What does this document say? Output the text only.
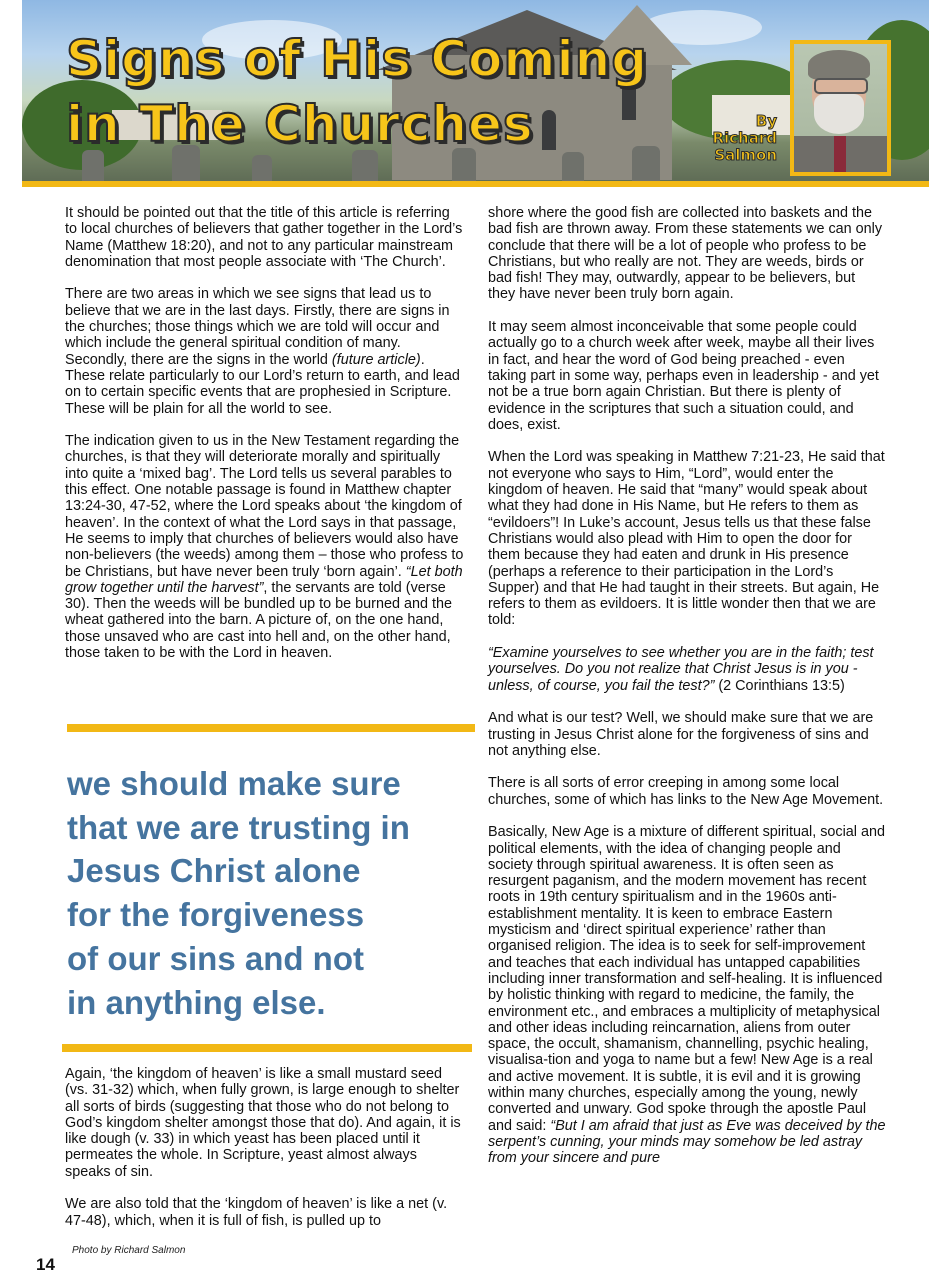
Signs of His Coming
in The Churches	By
Richard
Salmon

It should be pointed out that the title of this article is referring to local churches of believers that gather together in the Lord’s Name (Matthew 18:20), and not to any particular mainstream denomination that most people associate with ‘The Church’.

There are two areas in which we see signs that lead us to believe that we are in the last days. Firstly, there are signs in the churches; those things which we are told will occur and which include the general spiritual condition of many. Secondly, there are the signs in the world (future article). These relate particularly to our Lord’s return to earth, and lead on to certain specific events that are prophesied in Scripture. These will be plain for all the world to see.

The indication given to us in the New Testament regarding the churches, is that they will deteriorate morally and spiritually into quite a ‘mixed bag’. The Lord tells us several parables to this effect. One notable passage is found in Matthew chapter 13:24-30, 47-52, where the Lord speaks about ‘the kingdom of heaven’. In the context of what the Lord says in that passage, He seems to imply that churches of believers would also have non-believers (the weeds) among them – those who profess to be Christians, but have never been truly ‘born again’. “Let both grow together until the harvest”, the servants are told (verse 30). Then the weeds will be bundled up to be burned and the wheat gathered into the barn. A picture of, on the one hand, those unsaved who are cast into hell and, on the other hand, those taken to be with the Lord in heaven.

we should make sure
that we are trusting in
Jesus Christ alone
for the forgiveness
of our sins and not
in anything else.

Again, ‘the kingdom of heaven’ is like a small mustard seed (vs. 31-32) which, when fully grown, is large enough to shelter all sorts of birds (suggesting that those who do not belong to God’s kingdom shelter amongst those that do). And again, it is like dough (v. 33) in which yeast has been placed until it permeates the whole. In Scripture, yeast almost always speaks of sin.

We are also told that the ‘kingdom of heaven’ is like a net (v. 47-48), which, when it is full of fish, is pulled up to

shore where the good fish are collected into baskets and the bad fish are thrown away. From these statements we can only conclude that there will be a lot of people who profess to be Christians, but who really are not. They are weeds, birds or bad fish! They may, outwardly, appear to be believers, but they have never been truly born again.

It may seem almost inconceivable that some people could actually go to a church week after week, maybe all their lives in fact, and hear the word of God being preached - even taking part in some way, perhaps even in leadership - and yet not be a true born again Christian. But there is plenty of evidence in the scriptures that such a situation could, and does, exist.

When the Lord was speaking in Matthew 7:21-23, He said that not everyone who says to Him, “Lord”, would enter the kingdom of heaven. He said that “many” would speak about what they had done in His Name, but He refers to them as “evildoers”! In Luke’s account, Jesus tells us that these false Christians would also plead with Him to open the door for them because they had eaten and drunk in His presence (perhaps a reference to their participation in the Lord’s Supper) and that He had taught in their streets. But again, He refers to them as evildoers. It is little wonder then that we are told:

“Examine yourselves to see whether you are in the faith; test yourselves. Do you not realize that Christ Jesus is in you - unless, of course, you fail the test?” (2 Corinthians 13:5)

And what is our test? Well, we should make sure that we are trusting in Jesus Christ alone for the forgiveness of sins and not anything else.

There is all sorts of error creeping in among some local churches, some of which has links to the New Age Movement.

Basically, New Age is a mixture of different spiritual, social and political elements, with the idea of changing people and society through spiritual awareness. It is often seen as resurgent paganism, and the modern movement has recent roots in 19th century spiritualism and in the 1960s anti-establishment mentality. It is keen to embrace Eastern mysticism and ‘direct spiritual experience’ rather than organised religion. The idea is to seek for self-improvement and teaches that each individual has untapped capabilities including inner transformation and self-healing. It is influenced by holistic thinking with regard to medicine, the family, the environment etc., and embraces a multiplicity of metaphysical and other ideas including reincarnation, aliens from outer space, the occult, shamanism, channelling, psychic healing, visualisa-tion and yoga to name but a few! New Age is a real and active movement. It is subtle, it is evil and it is growing within many churches, especially among the young, newly converted and unwary. God spoke through the apostle Paul and said: “But I am afraid that just as Eve was deceived by the serpent’s cunning, your minds may somehow be led astray from your sincere and pure

Photo by Richard Salmon
14
